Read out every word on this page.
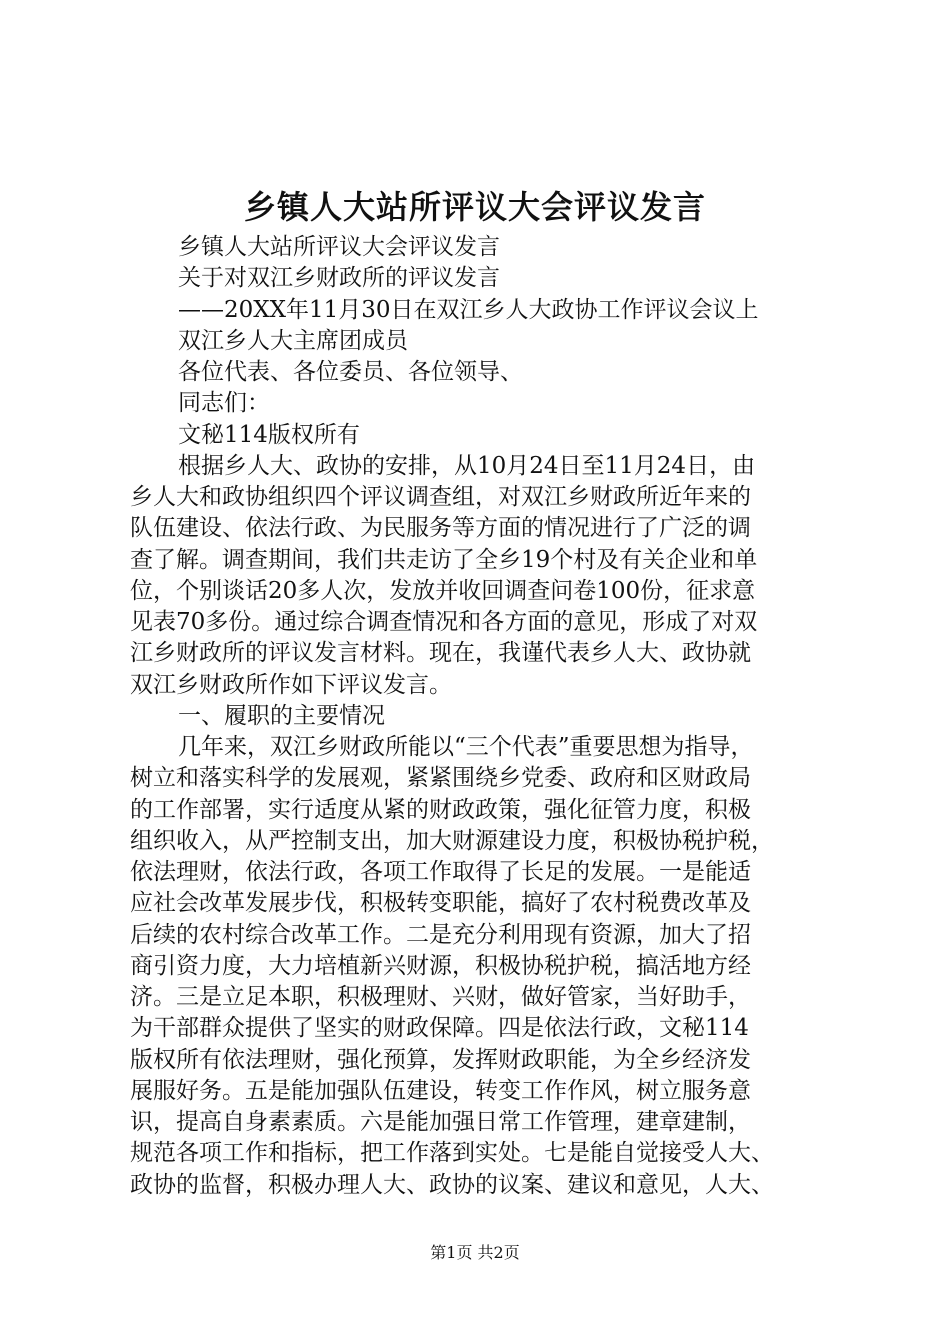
乡镇人大站所评议大会评议发言
乡镇人大站所评议大会评议发言
关于对双江乡财政所的评议发言
——20XX年11月30日在双江乡人大政协工作评议会议上
双江乡人大主席团成员
各位代表、各位委员、各位领导、
同志们：
文秘114版权所有
根据乡人大、政协的安排，从10月24日至11月24日，由
乡人大和政协组织四个评议调查组，对双江乡财政所近年来的
队伍建设、依法行政、为民服务等方面的情况进行了广泛的调
查了解。调查期间，我们共走访了全乡19个村及有关企业和单
位，个别谈话20多人次，发放并收回调查问卷100份，征求意
见表70多份。通过综合调查情况和各方面的意见，形成了对双
江乡财政所的评议发言材料。现在，我谨代表乡人大、政协就
双江乡财政所作如下评议发言。
一、履职的主要情况
几年来，双江乡财政所能以“三个代表”重要思想为指导，
树立和落实科学的发展观，紧紧围绕乡党委、政府和区财政局
的工作部署，实行适度从紧的财政政策，强化征管力度，积极
组织收入，从严控制支出，加大财源建设力度，积极协税护税，
依法理财，依法行政，各项工作取得了长足的发展。一是能适
应社会改革发展步伐，积极转变职能，搞好了农村税费改革及
后续的农村综合改革工作。二是充分利用现有资源，加大了招
商引资力度，大力培植新兴财源，积极协税护税，搞活地方经
济。三是立足本职，积极理财、兴财，做好管家，当好助手，
为干部群众提供了坚实的财政保障。四是依法行政，文秘114
版权所有依法理财，强化预算，发挥财政职能，为全乡经济发
展服好务。五是能加强队伍建设，转变工作作风，树立服务意
识，提高自身素素质。六是能加强日常工作管理，建章建制，
规范各项工作和指标，把工作落到实处。七是能自觉接受人大、
政协的监督，积极办理人大、政协的议案、建议和意见，人大、
第1页 共2页
